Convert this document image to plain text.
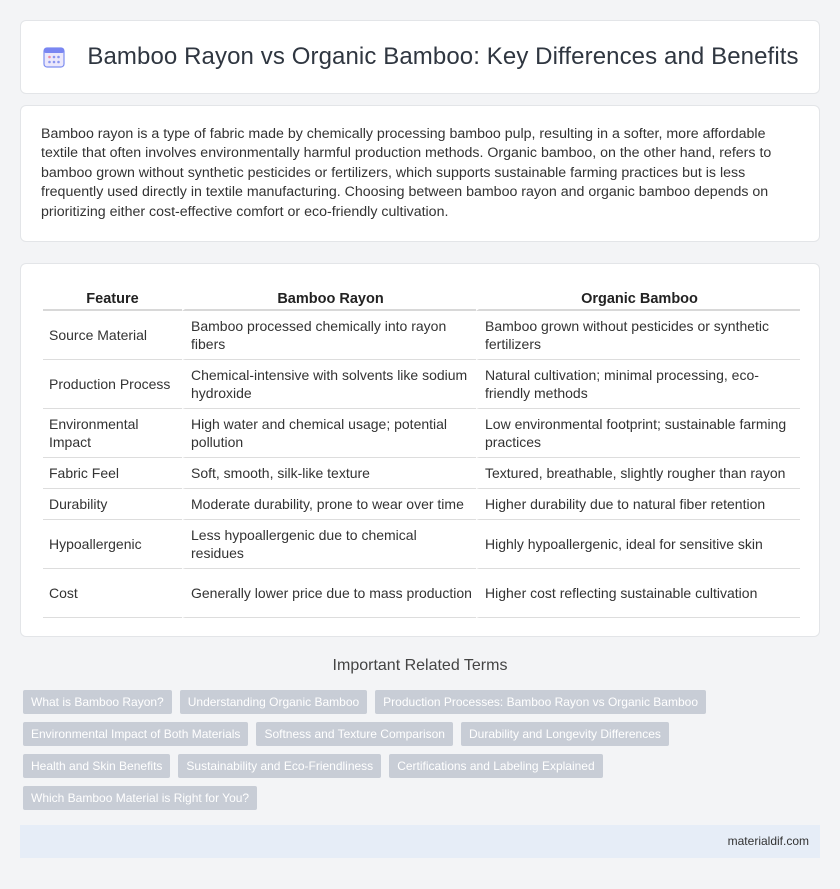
Bamboo Rayon vs Organic Bamboo: Key Differences and Benefits

Bamboo rayon is a type of fabric made by chemically processing bamboo pulp, resulting in a softer, more affordable textile that often involves environmentally harmful production methods. Organic bamboo, on the other hand, refers to bamboo grown without synthetic pesticides or fertilizers, which supports sustainable farming practices but is less frequently used directly in textile manufacturing. Choosing between bamboo rayon and organic bamboo depends on prioritizing either cost-effective comfort or eco-friendly cultivation.

Feature	Bamboo Rayon	Organic Bamboo
Source Material	Bamboo processed chemically into rayon fibers	Bamboo grown without pesticides or synthetic fertilizers
Production Process	Chemical-intensive with solvents like sodium hydroxide	Natural cultivation; minimal processing, eco-friendly methods
Environmental Impact	High water and chemical usage; potential pollution	Low environmental footprint; sustainable farming practices
Fabric Feel	Soft, smooth, silk-like texture	Textured, breathable, slightly rougher than rayon
Durability	Moderate durability, prone to wear over time	Higher durability due to natural fiber retention
Hypoallergenic	Less hypoallergenic due to chemical residues	Highly hypoallergenic, ideal for sensitive skin
Cost	Generally lower price due to mass production	Higher cost reflecting sustainable cultivation
Important Related Terms
What is Bamboo Rayon?	Understanding Organic Bamboo	Production Processes: Bamboo Rayon vs Organic Bamboo
Environmental Impact of Both Materials	Softness and Texture Comparison	Durability and Longevity Differences
Health and Skin Benefits	Sustainability and Eco-Friendliness	Certifications and Labeling Explained
Which Bamboo Material is Right for You?
materialdif.com
